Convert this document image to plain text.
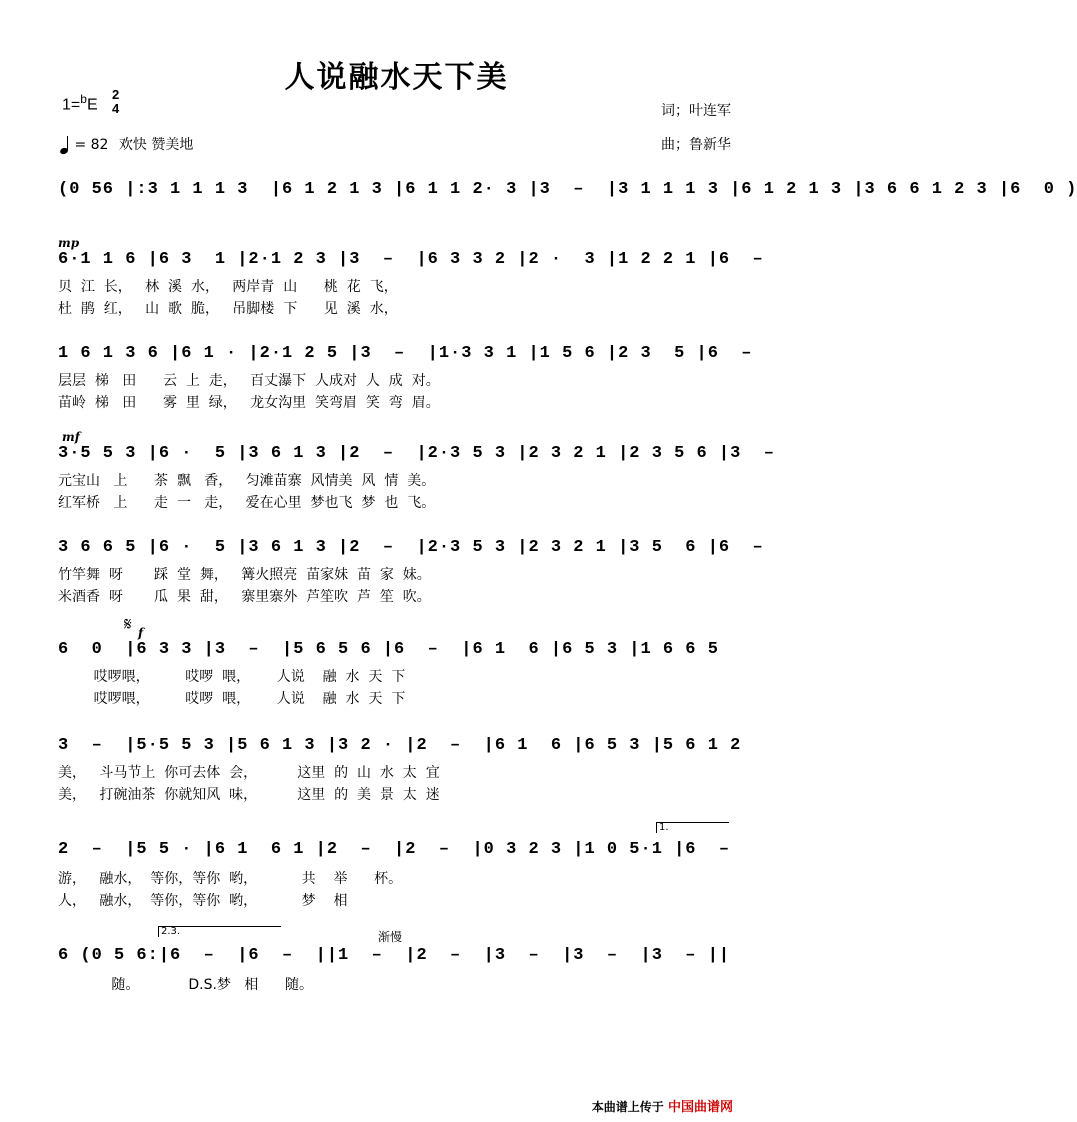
人说融水天下美
1=$^b$E
2
4
= 82 欢快 赞美地
词；叶连军
曲；鲁新华
(0 56 |:3 1 1 1 3  |6 1 2 1 3 |6 1 1 2· 3 |3  –  |3 1 1 1 3 |6 1 2 1 3 |3 6 6 1 2 3 |6  0 )
mp
6·1 1 6 |6 3  1 |2·1 2 3 |3  –  |6 3 3 2 |2 ·  3 |1 2 2 1 |6  –
贝  江  长，   林  溪  水，   两岸青  山      桃  花  飞，
杜  鹃  红，   山  歌  脆，   吊脚楼  下      见  溪  水，
1 6 1 3 6 |6 1 · |2·1 2 5 |3  –  |1·3 3 1 |1 5 6 |2 3  5 |6  –
层层  梯   田      云  上  走，   百丈瀑下  人成对  人  成  对。
苗岭  梯   田      雾  里  绿，   龙女沟里  笑弯眉  笑  弯  眉。
mf
3·5 5 3 |6 ·  5 |3 6 1 3 |2  –  |2·3 5 3 |2 3 2 1 |2 3 5 6 |3  –
元宝山   上      茶  飘   香，   匀滩苗寨  风情美  风  情  美。
红军桥   上      走  一   走，   爱在心里  梦也飞  梦  也  飞。
3 6 6 5 |6 ·  5 |3 6 1 3 |2  –  |2·3 5 3 |2 3 2 1 |3 5  6 |6  –
竹竿舞  呀       踩  堂  舞，   篝火照亮  苗家妹  苗  家  妹。
米酒香  呀       瓜  果  甜，   寨里寨外  芦笙吹  芦  笙  吹。
𝄋 f
6  0  |6 3 3 |3  –  |5 6 5 6 |6  –  |6 1  6 |6 5 3 |1 6 6 5
哎啰喂，        哎啰  喂，      人说    融  水  天  下
哎啰喂，        哎啰  喂，      人说    融  水  天  下
3  –  |5·5 5 3 |5 6 1 3 |3 2 · |2  –  |6 1  6 |6 5 3 |5 6 1 2
美，   斗马节上  你可去体  会，         这里  的  山  水  太  宜
美，   打碗油茶  你就知风  味，         这里  的  美  景  太  迷
1.
2  –  |5 5 · |6 1  6 1 |2  –  |2  –  |0 3 2 3 |1 0 5·1 |6  –
游，   融水，  等你，等你  哟，          共    举      杯。
人，   融水，  等你，等你  哟，          梦    相
2.3.	渐慢
6 (0 5 6:|6  –  |6  –  ||1  –  |2  –  |3  –  |3  –  |3  – ||
随。           D.S.梦   相      随。
本曲谱上传于 中国曲谱网
